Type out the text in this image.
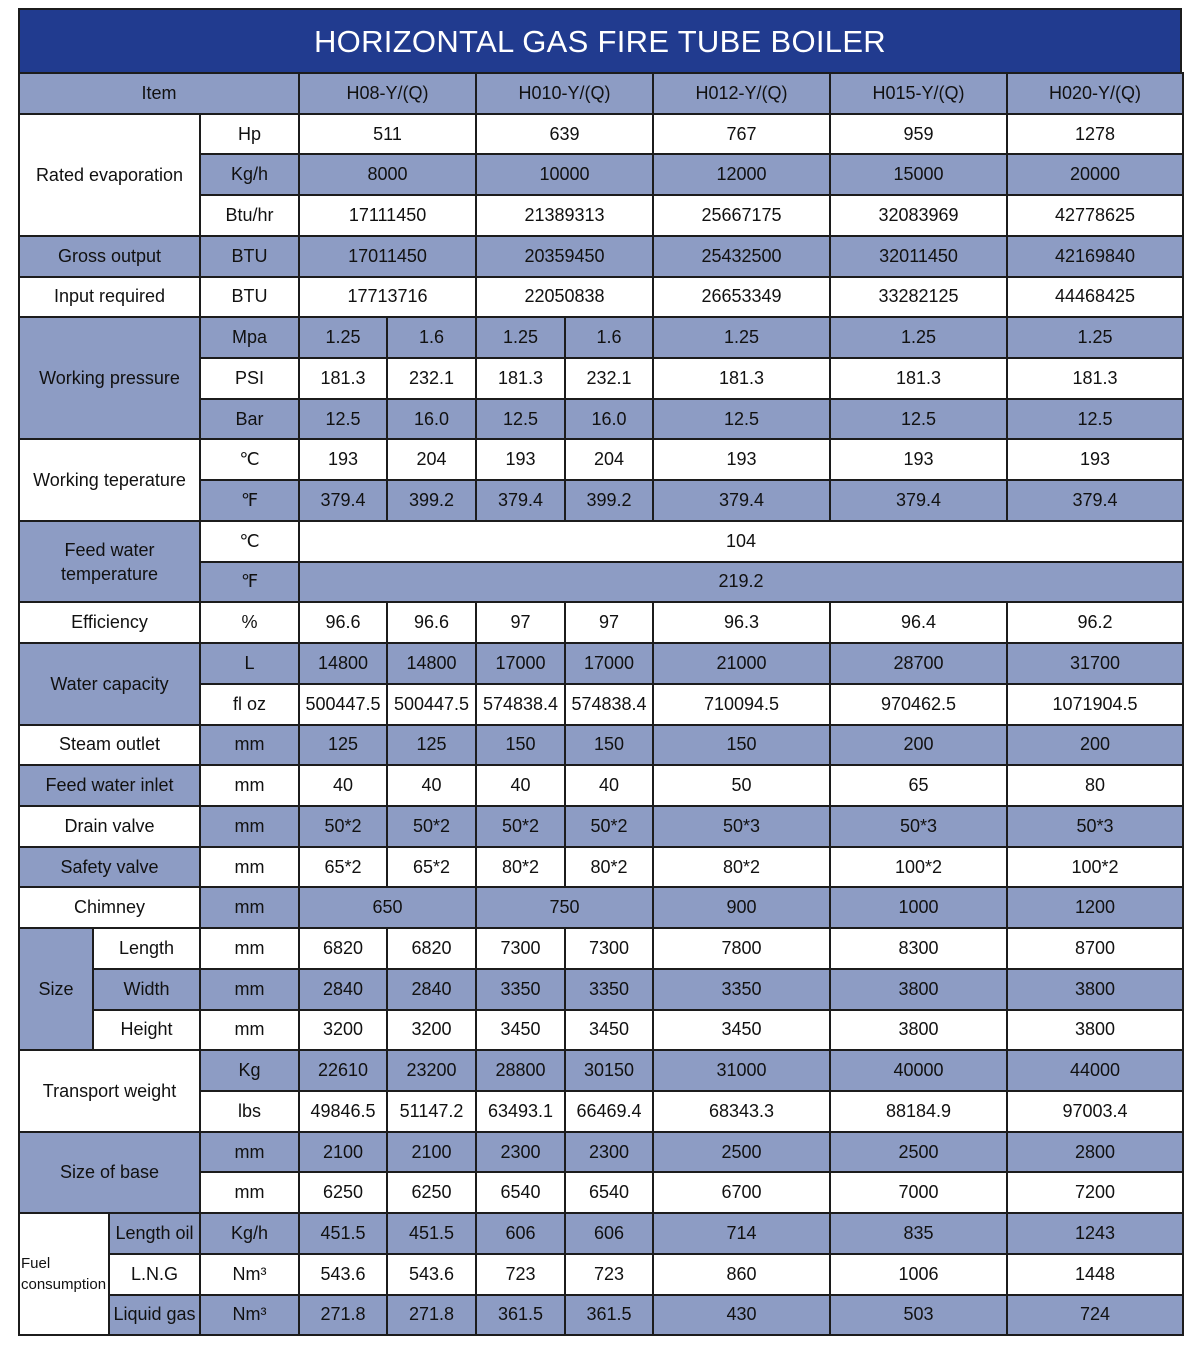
HORIZONTAL GAS FIRE TUBE BOILER
Item				H08-Y/(Q)		H010-Y/(Q)		H012-Y/(Q)	H015-Y/(Q)	H020-Y/(Q)
Rated evaporation			Hp	511		639		767	959	1278
			Kg/h	8000		10000		12000	15000	20000
			Btu/hr	17111450		21389313		25667175	32083969	42778625
Gross output			BTU	17011450		20359450		25432500	32011450	42169840
Input required			BTU	17713716		22050838		26653349	33282125	44468425
Working pressure			Mpa	1.25	1.6	1.25	1.6	1.25	1.25	1.25
			PSI	181.3	232.1	181.3	232.1	181.3	181.3	181.3
			Bar	12.5	16.0	12.5	16.0	12.5	12.5	12.5
Working teperature			℃	193	204	193	204	193	193	193
			℉	379.4	399.2	379.4	399.2	379.4	379.4	379.4
Feed water temperature			℃	104						
			℉	219.2						
Efficiency			%	96.6	96.6	97	97	96.3	96.4	96.2
Water capacity			L	14800	14800	17000	17000	21000	28700	31700
			fl oz	500447.5	500447.5	574838.4	574838.4	710094.5	970462.5	1071904.5
Steam outlet			mm	125	125	150	150	150	200	200
Feed water inlet			mm	40	40	40	40	50	65	80
Drain valve			mm	50*2	50*2	50*2	50*2	50*3	50*3	50*3
Safety valve			mm	65*2	65*2	80*2	80*2	80*2	100*2	100*2
Chimney			mm	650		750		900	1000	1200
Size	Length		mm	6820	6820	7300	7300	7800	8300	8700
	Width		mm	2840	2840	3350	3350	3350	3800	3800
	Height		mm	3200	3200	3450	3450	3450	3800	3800
Transport weight			Kg	22610	23200	28800	30150	31000	40000	44000
			lbs	49846.5	51147.2	63493.1	66469.4	68343.3	88184.9	97003.4
Size of base			mm	2100	2100	2300	2300	2500	2500	2800
			mm	6250	6250	6540	6540	6700	7000	7200
Fuel consumption		Length oil	Kg/h	451.5	451.5	606	606	714	835	1243
		L.N.G	Nm³	543.6	543.6	723	723	860	1006	1448
		Liquid gas	Nm³	271.8	271.8	361.5	361.5	430	503	724
